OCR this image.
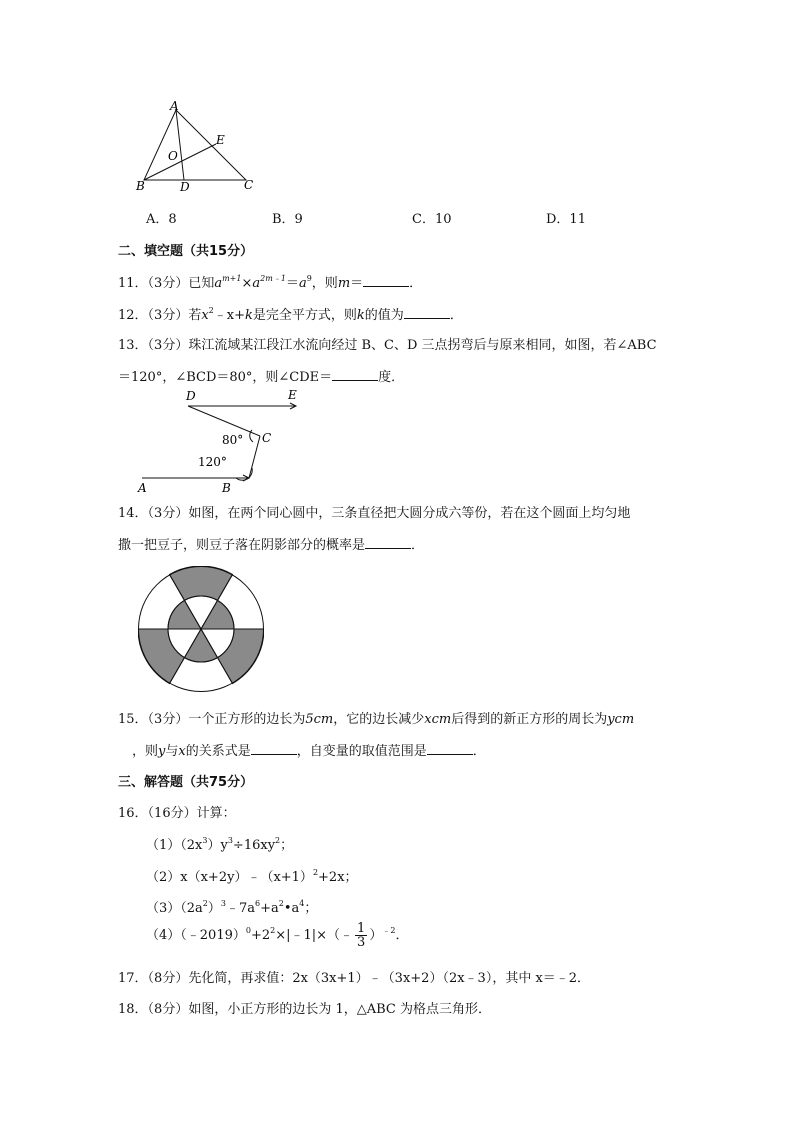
A
E
O
B	D	C
A．8	B．9	C．10	D．11
二、填空题（共15分）
11．（3分）已知$a^{m+1}\times a^{2m﹣1}=a^9$，则m＝	．
12．（3分）若$x^2﹣x+k$是完全平方式，则k的值为	．
13．（3分）珠江流域某江段江水流向经过 B、C、D 三点拐弯后与原来相同，如图，若∠ABC
＝120°，∠BCD＝80°，则∠CDE＝	度．
D	E
C
80°
120°
A	B
14．（3分）如图，在两个同心圆中，三条直径把大圆分成六等份，若在这个圆面上均匀地
撒一把豆子，则豆子落在阴影部分的概率是	．
15．（3分）一个正方形的边长为5cm，它的边长减少xcm后得到的新正方形的周长为ycm
，则y与x的关系式是	，自变量的取值范围是	．
三、解答题（共75分）
16．（16分）计算：
$(1)(2x^3)y^3\div 16xy^2$；
$(2)x(x+2y)﹣(x+1)^2+2x$；
$(3)(2a^2)^3﹣7a^6+a^2•a^4$；
$(4)(﹣2019)^0+2^2\times|﹣1|\times(﹣ \frac{1}{3} )^{﹣2}$．
17．（8分）先化简，再求值：2x（3x+1）﹣（3x+2）（2x﹣3），其中 x＝﹣2．
18．（8分）如图，小正方形的边长为 1，△ABC 为格点三角形．
